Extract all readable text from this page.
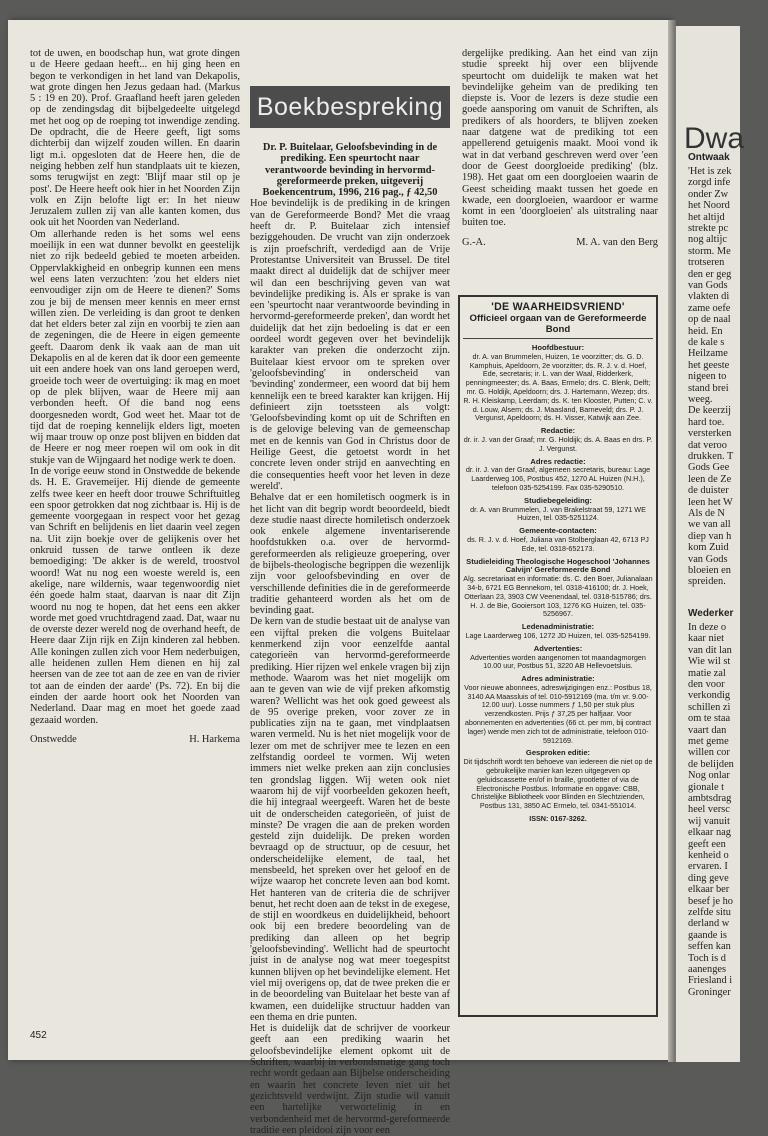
Dwa
Ontwaak
'Het is zek
zorgd infe
onder Zw
het Noord
het altijd
strekte pc
nog altijc
storm. Me
trotseren
den er geg
van Gods
vlakten di
zame oefe
op de naal
heid. En
de kale s
Heilzame
het geeste
nigeen to
stand brei
weeg.
De keerzij
hard toe.
versterken
dat veroo
drukken. T
Gods Gee
leen de Ze
de duister
leen het W
Als de N
we van all
diep van h
kom Zuid
van Gods
bloeien en
spreiden.
Wederker
In deze o
kaar niet
van dit lan
Wie wil st
matie zal
den voor
verkondig
schillen zi
om te staa
vaart dan
met geme
willen cor
de belijden
Nog onlar
gionale t
ambtsdrag
heel versc
wij vanuit
elkaar nag
geeft een
kenheid o
ervaren. I
ding geve
elkaar ber
besef je ho
zelfde situ
derland w
gaande is
seffen kan
Toch is d
aanenges
Friesland i
Groninger

tot de uwen, en boodschap hun, wat grote dingen u de Heere gedaan heeft... en hij ging heen en begon te verkondigen in het land van Dekapolis, wat grote dingen hen Jezus gedaan had. (Markus 5 : 19 en 20). Prof. Graafland heeft jaren geleden op de zendingsdag dit bijbelgedeelte uitgelegd met het oog op de roeping tot inwendige zending. De opdracht, die de Heere geeft, ligt soms dichterbij dan wijzelf zouden willen. En daarin ligt m.i. opgesloten dat de Heere hen, die de neiging hebben zelf hun standplaats uit te kiezen, soms terugwijst en zegt: 'Blijf maar stil op je post'. De Heere heeft ook hier in het Noorden Zijn volk en Zijn belofte ligt er: In het nieuw Jeruzalem zullen zij van alle kanten komen, dus ook uit het Noorden van Nederland.

Om allerhande reden is het soms wel eens moeilijk in een wat dunner bevolkt en geestelijk niet zo rijk bedeeld gebied te moeten arbeiden. Oppervlakkigheid en onbegrip kunnen een mens wel eens laten verzuchten: 'zou het elders niet eenvoudiger zijn om de Heere te dienen?' Soms zou je bij de mensen meer kennis en meer ernst willen zien. De verleiding is dan groot te denken dat het elders beter zal zijn en voorbij te zien aan de zegeningen, die de Heere in eigen gemeente geeft. Daarom denk ik vaak aan de man uit Dekapolis en al de keren dat ik door een gemeente uit een andere hoek van ons land geroepen werd, groeide toch weer de overtuiging: ik mag en moet op de plek blijven, waar de Heere mij aan verbonden heeft. Of die band nog eens doorgesneden wordt, God weet het. Maar tot de tijd dat de roeping kennelijk elders ligt, moeten wij maar trouw op onze post blijven en bidden dat de Heere er nog meer roepen wil om ook in dit stukje van de Wijngaard het nodige werk te doen.

In de vorige eeuw stond in Onstwedde de bekende ds. H. E. Gravemeijer. Hij diende de gemeente zelfs twee keer en heeft door trouwe Schriftuitleg een spoor getrokken dat nog zichtbaar is. Hij is de gemeente voorgegaan in respect voor het gezag van Schrift en belijdenis en liet daarin veel zegen na. Uit zijn boekje over de gelijkenis over het onkruid tussen de tarwe ontleen ik deze bemoediging: 'De akker is de wereld, troostvol woord! Wat nu nog een woeste wereld is, een akelige, nare wildernis, waar tegenwoordig niet één goede halm staat, daarvan is naar dit Zijn woord nu nog te hopen, dat het eens een akker worde met goed vruchtdragend zaad. Dat, waar nu de overste dezer wereld nog de overhand heeft, de Heere daar Zijn rijk en Zijn kinderen zal hebben. Alle koningen zullen zich voor Hem nederbuigen, alle heidenen zullen Hem dienen en hij zal heersen van de zee tot aan de zee en van de rivier tot aan de einden der aarde' (Ps. 72). En bij die einden der aarde hoort ook het Noorden van Nederland. Daar mag en moet het goede zaad gezaaid worden.

Onstwedde	H. Harkema
Boekbespreking

Dr. P. Buitelaar, Geloofsbevinding in de prediking. Een speurtocht naar verantwoorde bevinding in hervormd-gereformeerde preken, uitgeverij Boekencentrum, 1996, 216 pag., ƒ 42,50

Hoe bevindelijk is de prediking in de kringen van de Gereformeerde Bond? Met die vraag heeft dr. P. Buitelaar zich intensief beziggehouden. De vrucht van zijn onderzoek is zijn proefschrift, verdedigd aan de Vrije Protestantse Universiteit van Brussel. De titel maakt direct al duidelijk dat de schijver meer wil dan een beschrijving geven van wat bevindelijke prediking is. Als er sprake is van een 'speurtocht naar verantwoorde bevinding in hervormd-gereformeerde preken', dan wordt het duidelijk dat het zijn bedoeling is dat er een oordeel wordt gegeven over het bevindelijk karakter van preken die onderzocht zijn. Buitelaar kiest ervoor om te spreken over 'geloofsbevinding' in onderscheid van 'bevinding' zondermeer, een woord dat bij hem kennelijk een te breed karakter kan krijgen. Hij definieert zijn toetssteen als volgt: 'Geloofsbevinding komt op uit de Schriften en is de gelovige beleving van de gemeenschap met en de kennis van God in Christus door de Heilige Geest, die getoetst wordt in het concrete leven onder strijd en aanvechting en die consequenties heeft voor het leven in deze wereld'.

Behalve dat er een homiletisch oogmerk is in het licht van dit begrip wordt beoordeeld, biedt deze studie naast directe homiletisch onderzoek ook enkele algemene inventariserende hoofdstukken o.a. over de hervormd-gereformeerden als religieuze groepering, over de bijbels-theologische begrippen die wezenlijk zijn voor geloofsbevinding en over de verschillende definities die in de gereformeerde traditie gehanteerd worden als het om de bevinding gaat.

De kern van de studie bestaat uit de analyse van een vijftal preken die volgens Buitelaar kenmerkend zijn voor eenzelfde aantal categorieën van hervormd-gereformeerde prediking. Hier rijzen wel enkele vragen bij zijn methode. Waarom was het niet mogelijk om aan te geven van wie de vijf preken afkomstig waren? Wellicht was het ook goed geweest als de 95 overige preken, voor zover ze in publicaties zijn na te gaan, met vindplaatsen waren vermeld. Nu is het niet mogelijk voor de lezer om met de schrijver mee te lezen en een zelfstandig oordeel te vormen. Wij weten immers niet welke preken aan zijn conclusies ten grondslag liggen. Wij weten ook niet waarom hij de vijf voorbeelden gekozen heeft, die hij integraal weergeeft. Waren het de beste uit de onderscheiden categorieën, of juist de minste? De vragen die aan de preken worden gesteld zijn duidelijk. De preken worden bevraagd op de structuur, op de cesuur, het onderscheidelijke element, de taal, het mensbeeld, het spreken over het geloof en de wijze waarop het concrete leven aan bod komt. Het hanteren van de criteria die de schrijver benut, het recht doen aan de tekst in de exegese, de stijl en woordkeus en duidelijkheid, behoort ook bij een bredere beoordeling van de prediking dan alleen op het begrip 'geloofsbevinding'. Wellicht had de speurtocht juist in de analyse nog wat meer toegespitst kunnen blijven op het bevindelijke element. Het viel mij overigens op, dat de twee preken die er in de beoordeling van Buitelaar het beste van af kwamen, een duidelijke structuur hadden van een thema en drie punten.

Het is duidelijk dat de schrijver de voorkeur geeft aan een prediking waarin het geloofsbevindelijke element opkomt uit de Schriften, waarbij in verbondsmatige gang toch recht wordt gedaan aan Bijbelse onderscheiding en waarin het concrete leven niet uit het gezichtsveld verdwijnt. Zijn studie wil vanuit een hartelijke verwortelinig in en verbondenheid met de hervormd-gereformeerde traditie een pleidooi zijn voor een

dergelijke prediking. Aan het eind van zijn studie spreekt hij over een blijvende speurtocht om duidelijk te maken wat het bevindelijke geheim van de prediking ten diepste is. Voor de lezers is deze studie een goede aansporing om vanuit de Schriften, als predikers of als hoorders, te blijven zoeken naar datgene wat de prediking tot een appellerend getuigenis maakt. Mooi vond ik wat in dat verband geschreven werd over 'een door de Geest doorgloeide prediking' (blz. 198). Het gaat om een doorgloeien waarin de Geest scheiding maakt tussen het goede en kwade, een doorgloeien, waardoor er warme komt in een 'doorgloeien' als uitstraling naar buiten toe.

G.-A.	M. A. van den Berg
'DE WAARHEIDSVRIEND'
Officieel orgaan van de Gereformeerde Bond
Hoofdbestuur:
dr. A. van Brummelen, Huizen, 1e voorzitter; ds. G. D. Kamphuis, Apeldoorn, 2e voorzitter; ds. R. J. v. d. Hoef, Ede, secretaris; ir. L. van der Waal, Ridderkerk, penningmeester; ds. A. Baas, Ermelo; drs. C. Blenk, Delft; mr. G. Holdijk, Apeldoorn; drs. J. Hartemann, Wezep; drs. R. H. Kleiskamp, Leerdam; ds. K. ten Klooster, Putten; C. v. d. Louw, Alsem; ds. J. Maasland, Barneveld; drs. P. J. Vergunst, Apeldoorn; ds. H. Visser, Katwijk aan Zee.
Redactie:
dr. ir. J. van der Graaf; mr. G. Holdijk; ds. A. Baas en drs. P. J. Vergunst.
Adres redactie:
dr. ir. J. van der Graaf, algemeen secretaris, bureau: Lage Laarderweg 106, Postbus 452, 1270 AL Huizen (N.H.), telefoon 035-5254199. Fax 035-5290510.
Studiebegeleiding:
dr. A. van Brummelen, J. van Brakelstraat 59, 1271 WE Huizen, tel. 035-5251124.
Gemeente-contacten:
ds. R. J. v. d. Hoef, Juliana van Stolberglaan 42, 6713 PJ Ede, tel. 0318-652173.
Studieleiding Theologische Hogeschool 'Johannes Calvijn' Gereformeerde Bond
Alg. secretariaat en informatie: ds. C. den Boer, Julianalaan 34-b, 6721 EG Bennekom, tel. 0318-416100; dr. J. Hoek, Otterlaan 23, 3903 CW Veenendaal, tel. 0318-515786; drs. H. J. de Bie, Gooiersort 103, 1276 KG Huizen, tel. 035-5256967.
Ledenadministratie:
Lage Laarderweg 106, 1272 JD Huizen, tel. 035-5254199.
Advertenties:
Advertenties worden aangenomen tot maandagmorgen 10.00 uur, Postbus 51, 3220 AB Hellevoetsluis.
Adres administratie:
Voor nieuwe abonnees, adreswijzigingen enz.: Postbus 18, 3140 AA Maassluis of tel. 010-5912169 (ma. t/m vr. 9.00-12.00 uur). Losse nummers ƒ 1,50 per stuk plus verzendkosten. Prijs ƒ 37,25 per halfjaar. Voor abonnementen en advertenties (66 ct. per mm, bij contract lager) wende men zich tot de administratie, telefoon 010-5912169.
Gesproken editie:
Dit tijdschrift wordt ten behoeve van iedereen die niet op de gebruikelijke manier kan lezen uitgegeven op geluidscassette en/of in braille, grootletter of via de Electronische Postbus. Informatie en opgave: CBB, Christelijke Bibliotheek voor Blinden en Slechtzienden, Postbus 131, 3850 AC Ermelo, tel. 0341-551014.
ISSN: 0167-3262.
452
